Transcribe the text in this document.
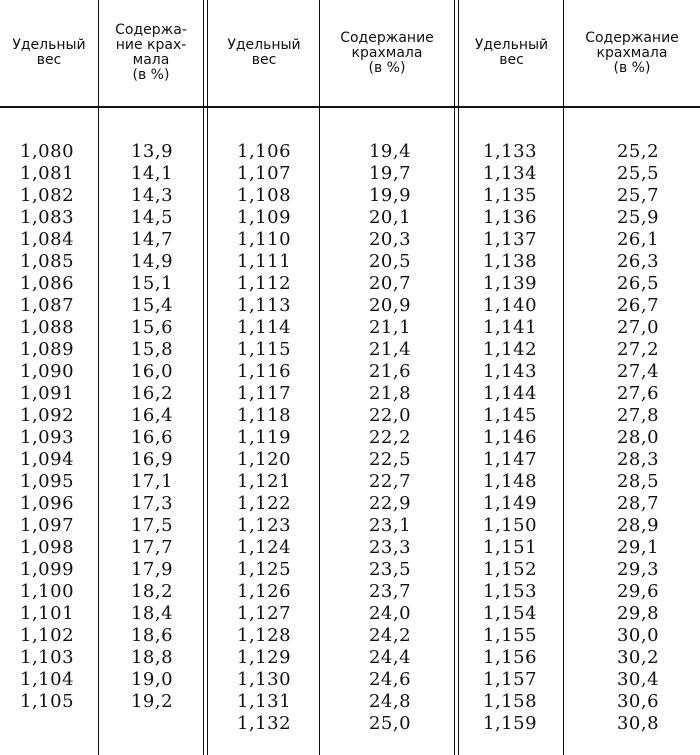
Удельный
вес
Содержа-
ние крах-
мала
(в %)
Удельный
вес
Содержание
крахмала
(в %)
Удельный
вес
Содержание
крахмала
(в %)
1,080
1,081
1,082
1,083
1,084
1,085
1,086
1,087
1,088
1,089
1,090
1,091
1,092
1,093
1,094
1,095
1,096
1,097
1,098
1,099
1,100
1,101
1,102
1,103
1,104
1,105
13,9
14,1
14,3
14,5
14,7
14,9
15,1
15,4
15,6
15,8
16,0
16,2
16,4
16,6
16,9
17,1
17,3
17,5
17,7
17,9
18,2
18,4
18,6
18,8
19,0
19,2
1,106
1,107
1,108
1,109
1,110
1,111
1,112
1,113
1,114
1,115
1,116
1,117
1,118
1,119
1,120
1,121
1,122
1,123
1,124
1,125
1,126
1,127
1,128
1,129
1,130
1,131
1,132
19,4
19,7
19,9
20,1
20,3
20,5
20,7
20,9
21,1
21,4
21,6
21,8
22,0
22,2
22,5
22,7
22,9
23,1
23,3
23,5
23,7
24,0
24,2
24,4
24,6
24,8
25,0
1,133
1,134
1,135
1,136
1,137
1,138
1,139
1,140
1,141
1,142
1,143
1,144
1,145
1,146
1,147
1,148
1,149
1,150
1,151
1,152
1,153
1,154
1,155
1,156
1,157
1,158
1,159
25,2
25,5
25,7
25,9
26,1
26,3
26,5
26,7
27,0
27,2
27,4
27,6
27,8
28,0
28,3
28,5
28,7
28,9
29,1
29,3
29,6
29,8
30,0
30,2
30,4
30,6
30,8
